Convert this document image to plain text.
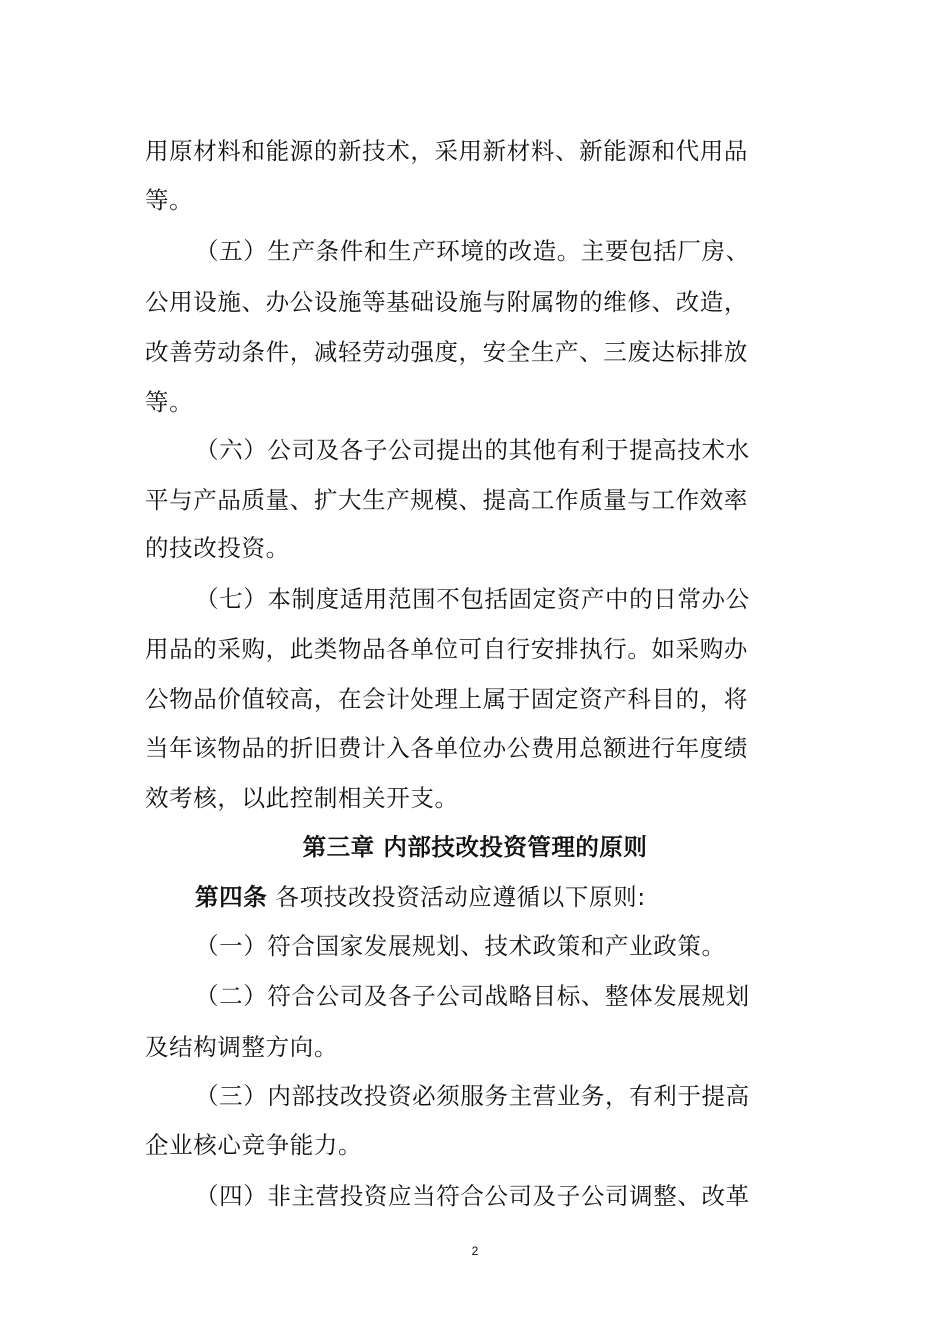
用原材料和能源的新技术，采用新材料、新能源和代用品
等。
（五）生产条件和生产环境的改造。主要包括厂房、
公用设施、办公设施等基础设施与附属物的维修、改造，
改善劳动条件，减轻劳动强度，安全生产、三废达标排放
等。
（六）公司及各子公司提出的其他有利于提高技术水
平与产品质量、扩大生产规模、提高工作质量与工作效率
的技改投资。
（七）本制度适用范围不包括固定资产中的日常办公
用品的采购，此类物品各单位可自行安排执行。如采购办
公物品价值较高，在会计处理上属于固定资产科目的，将
当年该物品的折旧费计入各单位办公费用总额进行年度绩
效考核，以此控制相关开支。
第三章 内部技改投资管理的原则
第四条 各项技改投资活动应遵循以下原则:
（一）符合国家发展规划、技术政策和产业政策。
（二）符合公司及各子公司战略目标、整体发展规划
及结构调整方向。
（三）内部技改投资必须服务主营业务，有利于提高
企业核心竞争能力。
（四）非主营投资应当符合公司及子公司调整、改革
2
